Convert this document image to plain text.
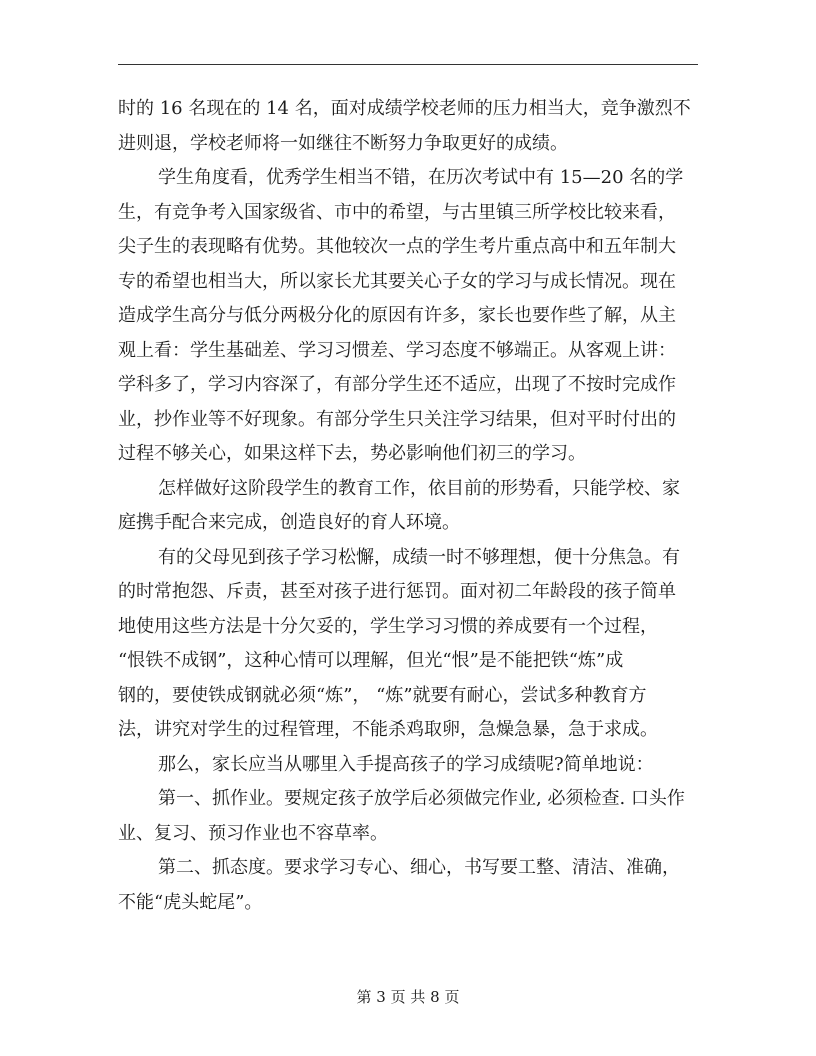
时的 16 名现在的 14 名，面对成绩学校老师的压力相当大，竞争激烈不
进则退，学校老师将一如继往不断努力争取更好的成绩。
学生角度看，优秀学生相当不错，在历次考试中有 15—20 名的学
生，有竞争考入国家级省、市中的希望，与古里镇三所学校比较来看，
尖子生的表现略有优势。其他较次一点的学生考片重点高中和五年制大
专的希望也相当大，所以家长尤其要关心子女的学习与成长情况。现在
造成学生高分与低分两极分化的原因有许多，家长也要作些了解，从主
观上看：学生基础差、学习习惯差、学习态度不够端正。从客观上讲：
学科多了，学习内容深了，有部分学生还不适应，出现了不按时完成作
业，抄作业等不好现象。有部分学生只关注学习结果，但对平时付出的
过程不够关心，如果这样下去，势必影响他们初三的学习。
怎样做好这阶段学生的教育工作，依目前的形势看，只能学校、家
庭携手配合来完成，创造良好的育人环境。
有的父母见到孩子学习松懈，成绩一时不够理想，便十分焦急。有
的时常抱怨、斥责，甚至对孩子进行惩罚。面对初二年龄段的孩子简单
地使用这些方法是十分欠妥的，学生学习习惯的养成要有一个过程，
“恨铁不成钢”，这种心情可以理解，但光“恨”是不能把铁“炼”成
钢的，要使铁成钢就必须“炼”， “炼”就要有耐心，尝试多种教育方
法，讲究对学生的过程管理，不能杀鸡取卵，急燥急暴，急于求成。
那么，家长应当从哪里入手提高孩子的学习成绩呢?简单地说：
第一、抓作业。要规定孩子放学后必须做完作业, 必须检查. 口头作
业、复习、预习作业也不容草率。
第二、抓态度。要求学习专心、细心，书写要工整、清洁、准确，
不能“虎头蛇尾”。
第 3 页 共 8 页
